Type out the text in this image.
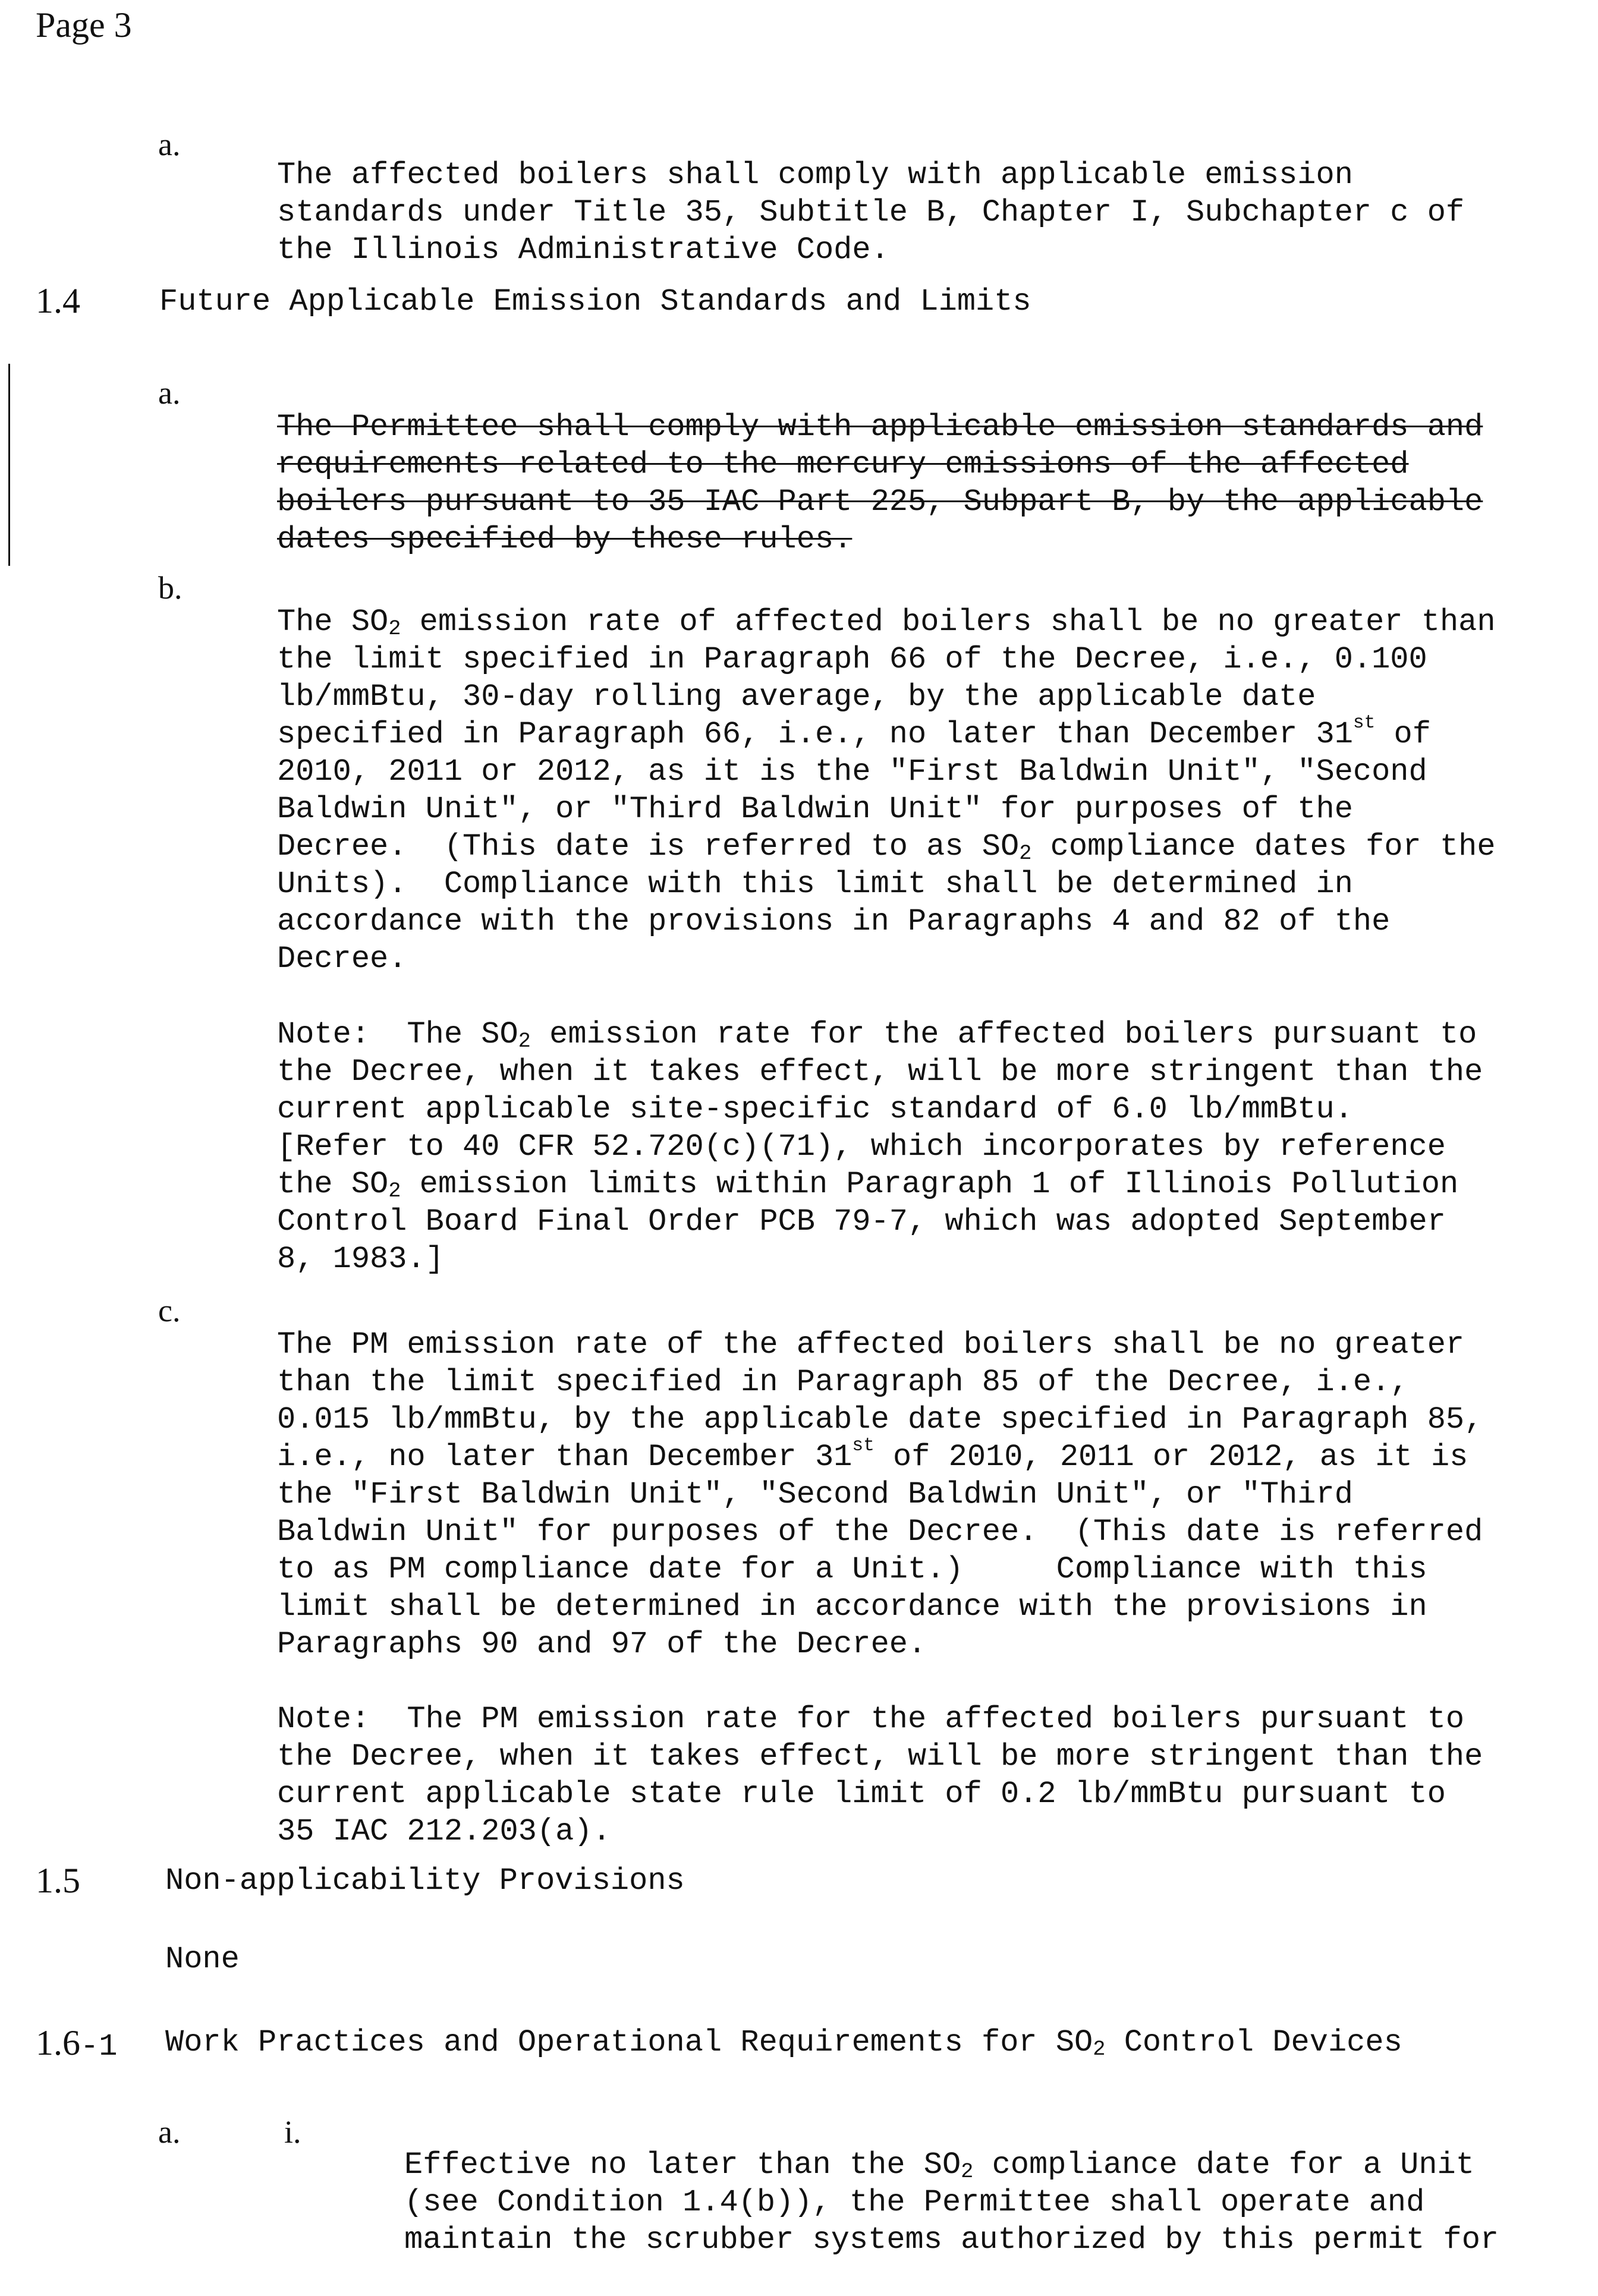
Page 3
a.

The affected boilers shall comply with applicable emission
standards under Title 35, Subtitle B, Chapter I, Subchapter c of
the Illinois Administrative Code.

1.4	Future Applicable Emission Standards and Limits
a.

The Permittee shall comply with applicable emission standards and
requirements related to the mercury emissions of the affected
boilers pursuant to 35 IAC Part 225, Subpart B, by the applicable
dates specified by these rules.

b.

The $SO_2$ emission rate of affected boilers shall be no greater than
the limit specified in Paragraph 66 of the Decree, i.e., 0.100
lb/mmBtu, 30-day rolling average, by the applicable date
specified in Paragraph 66, i.e., no later than December 31st of
2010, 2011 or 2012, as it is the "First Baldwin Unit", "Second
Baldwin Unit", or "Third Baldwin Unit" for purposes of the
Decree.  (This date is referred to as $SO_2$ compliance dates for the
Units).  Compliance with this limit shall be determined in
accordance with the provisions in Paragraphs 4 and 82 of the
Decree.

Note:  The $SO_2$ emission rate for the affected boilers pursuant to
the Decree, when it takes effect, will be more stringent than the
current applicable site-specific standard of 6.0 lb/mmBtu.
[Refer to 40 CFR 52.720(c)(71), which incorporates by reference
the $SO_2$ emission limits within Paragraph 1 of Illinois Pollution
Control Board Final Order PCB 79-7, which was adopted September
8, 1983.]

c.

The PM emission rate of the affected boilers shall be no greater
than the limit specified in Paragraph 85 of the Decree, i.e.,
0.015 lb/mmBtu, by the applicable date specified in Paragraph 85,
i.e., no later than December 31st of 2010, 2011 or 2012, as it is
the "First Baldwin Unit", "Second Baldwin Unit", or "Third
Baldwin Unit" for purposes of the Decree.  (This date is referred
to as PM compliance date for a Unit.)     Compliance with this
limit shall be determined in accordance with the provisions in
Paragraphs 90 and 97 of the Decree.

Note:  The PM emission rate for the affected boilers pursuant to
the Decree, when it takes effect, will be more stringent than the
current applicable state rule limit of 0.2 lb/mmBtu pursuant to
35 IAC 212.203(a).

1.5	Non-applicability Provisions
None
1.6-1 Work Practices and Operational Requirements for $SO_2$ Control Devices
a.	i.

Effective no later than the $SO_2$ compliance date for a Unit
(see Condition 1.4(b)), the Permittee shall operate and
maintain the scrubber systems authorized by this permit for
